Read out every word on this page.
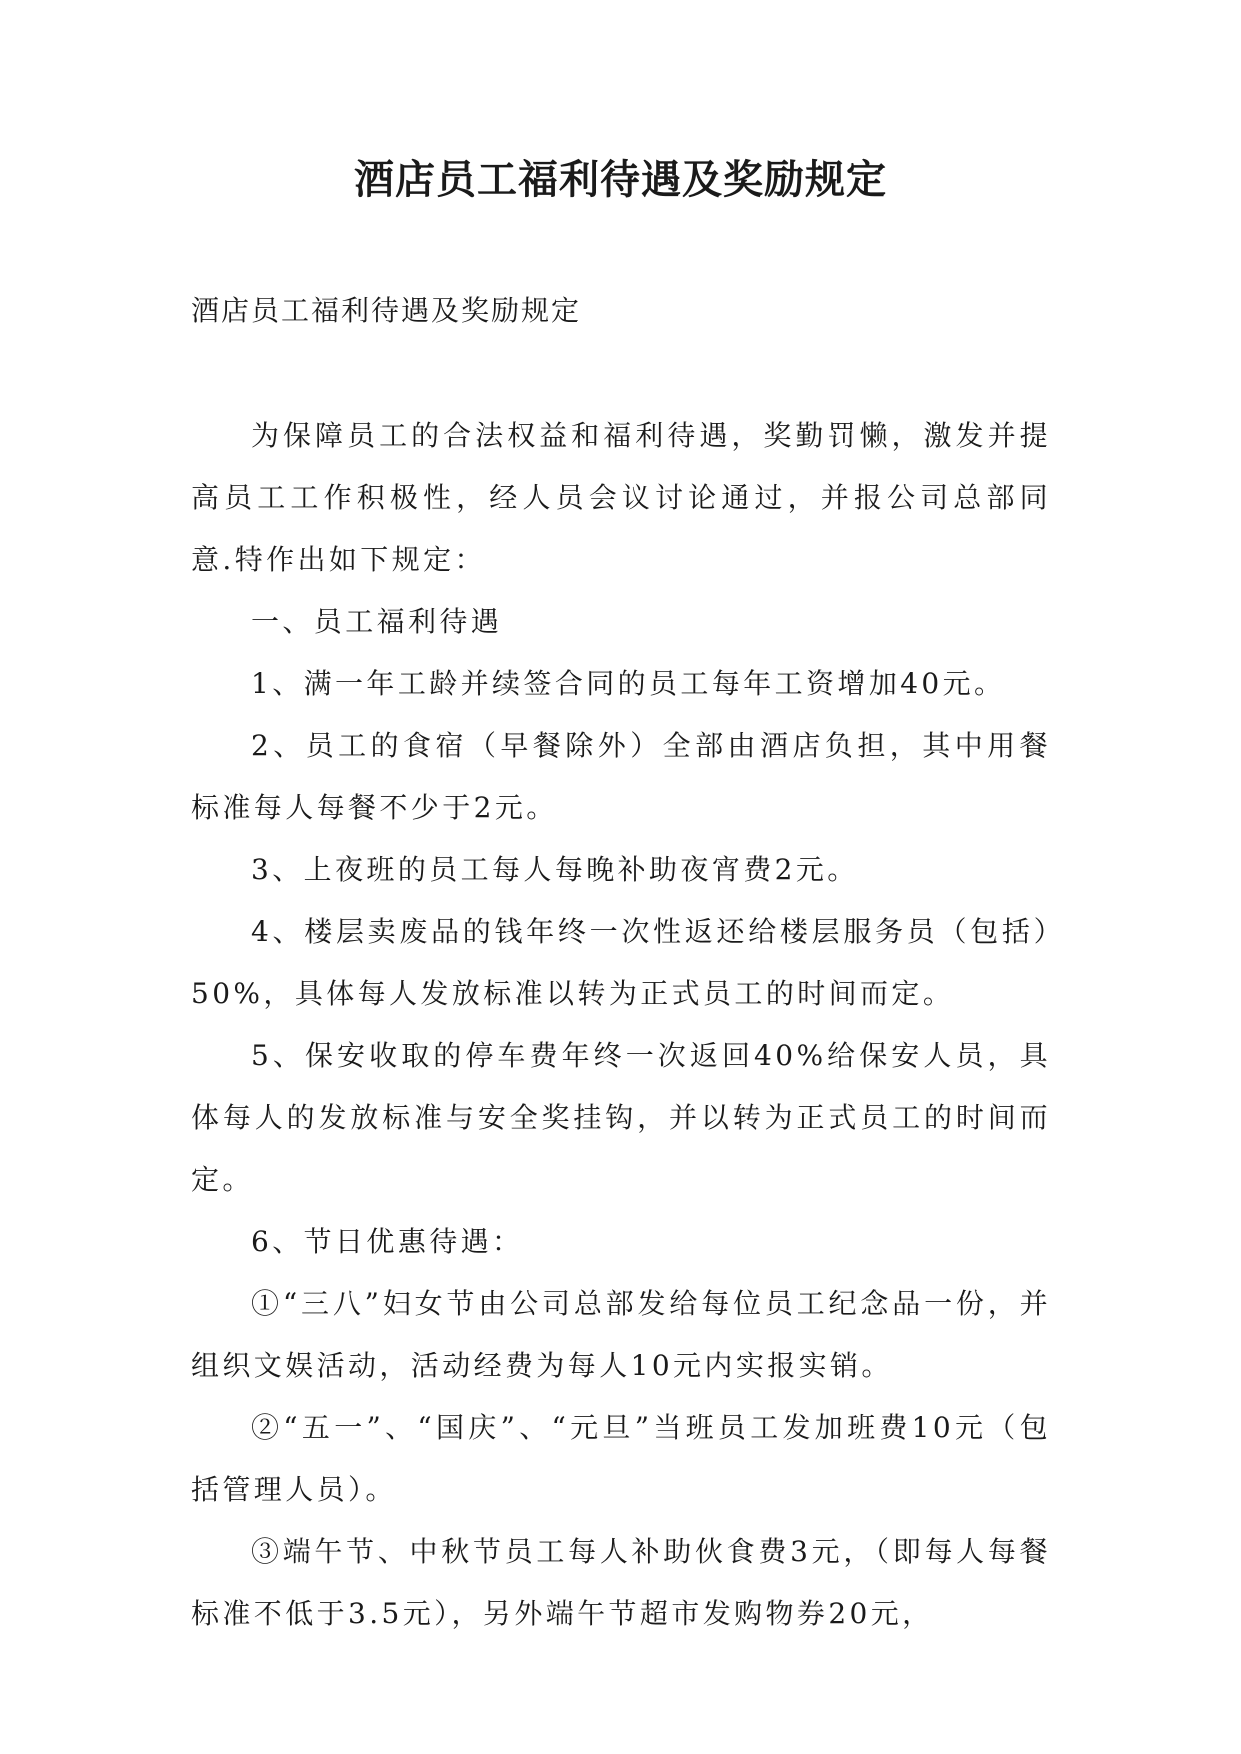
酒店员工福利待遇及奖励规定

酒店员工福利待遇及奖励规定

为保障员工的合法权益和福利待遇，奖勤罚懒，激发并提高员工工作积极性，经人员会议讨论通过，并报公司总部同意.特作出如下规定：

一、员工福利待遇

1、满一年工龄并续签合同的员工每年工资增加40元。

2、员工的食宿（早餐除外）全部由酒店负担，其中用餐标准每人每餐不少于2元。

3、上夜班的员工每人每晚补助夜宵费2元。

4、楼层卖废品的钱年终一次性返还给楼层服务员（包括）50%，具体每人发放标准以转为正式员工的时间而定。

5、保安收取的停车费年终一次返回40%给保安人员，具体每人的发放标准与安全奖挂钩，并以转为正式员工的时间而定。

6、节日优惠待遇：

①“三八”妇女节由公司总部发给每位员工纪念品一份，并组织文娱活动，活动经费为每人10元内实报实销。

②“五一”、“国庆”、“元旦”当班员工发加班费10元（包括管理人员）。

③端午节、中秋节员工每人补助伙食费3元，（即每人每餐标准不低于3.5元），另外端午节超市发购物券20元，
